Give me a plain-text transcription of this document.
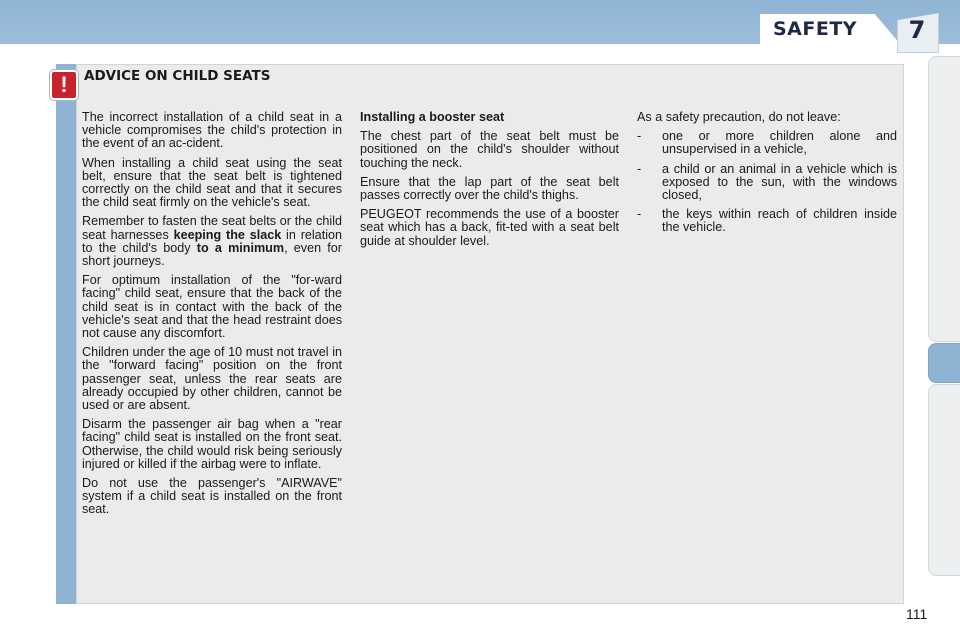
SAFETY	7
!	ADVICE ON CHILD SEATS

The incorrect installation of a child seat in a vehicle compromises the child's protection in the event of an ac-cident.

When installing a child seat using the seat belt, ensure that the seat belt is tightened correctly on the child seat and that it secures the child seat firmly on the vehicle's seat.

Remember to fasten the seat belts or the child seat harnesses keeping the slack in relation to the child's body to a minimum, even for short journeys.

For optimum installation of the "for-ward facing" child seat, ensure that the back of the child seat is in contact with the back of the vehicle's seat and that the head restraint does not cause any discomfort.

Children under the age of 10 must not travel in the "forward facing" position on the front passenger seat, unless the rear seats are already occupied by other children, cannot be used or are absent.

Disarm the passenger air bag when a "rear facing" child seat is installed on the front seat. Otherwise, the child would risk being seriously injured or killed if the airbag were to inflate.

Do not use the passenger's "AIRWAVE" system if a child seat is installed on the front seat.

Installing a booster seat

The chest part of the seat belt must be positioned on the child's shoulder without touching the neck.

Ensure that the lap part of the seat belt passes correctly over the child's thighs.

PEUGEOT recommends the use of a booster seat which has a back, fit-ted with a seat belt guide at shoulder level.

As a safety precaution, do not leave:

-	one or more children alone and unsupervised in a vehicle,
-	a child or an animal in a vehicle which is exposed to the sun, with the windows closed,
-	the keys within reach of children inside the vehicle.
111
